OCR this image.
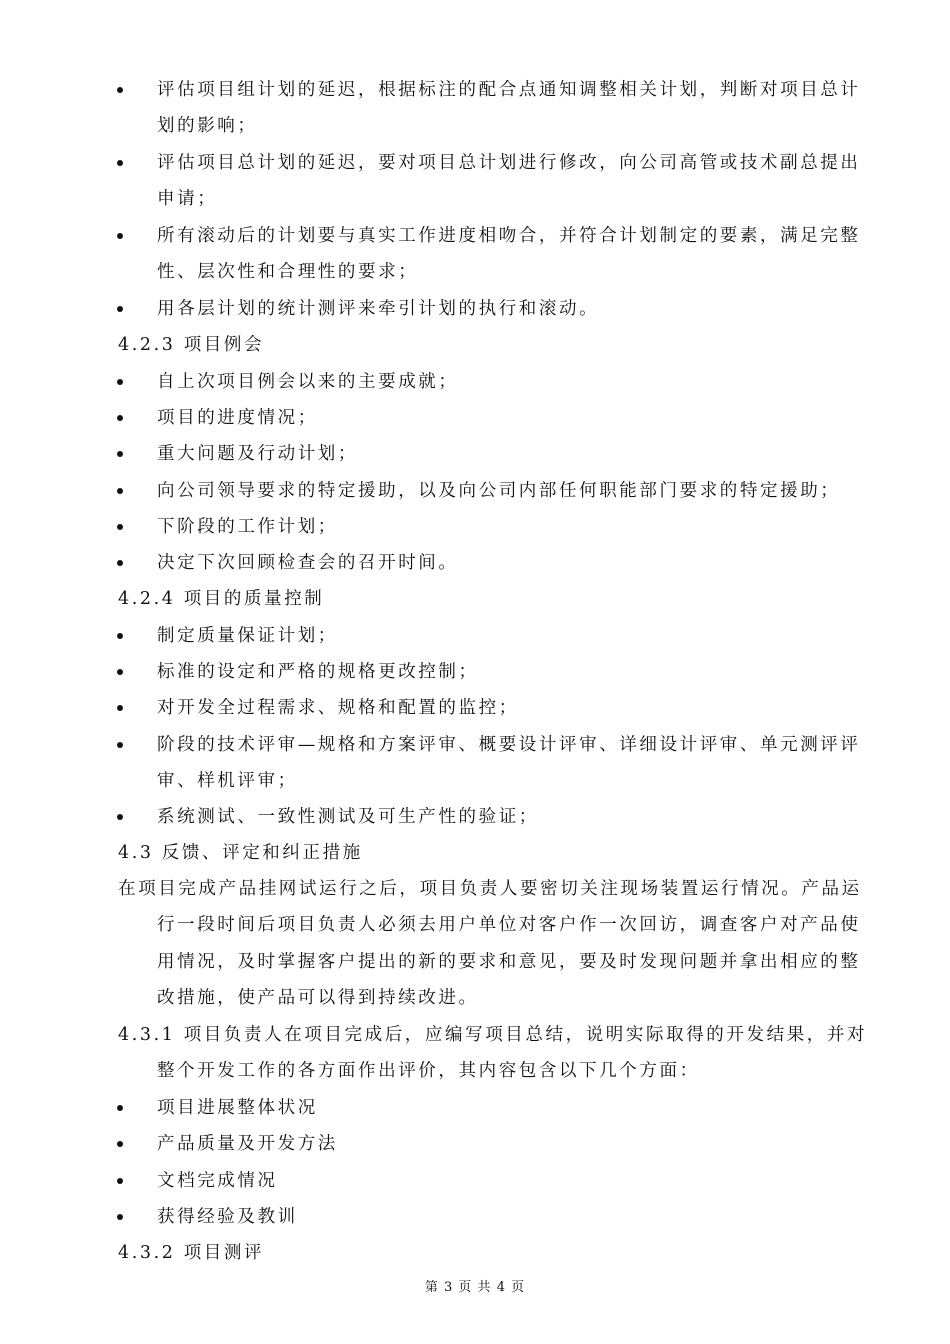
评估项目组计划的延迟，根据标注的配合点通知调整相关计划，判断对项目总计
划的影响；
评估项目总计划的延迟，要对项目总计划进行修改，向公司高管或技术副总提出
申请；
所有滚动后的计划要与真实工作进度相吻合，并符合计划制定的要素，满足完整
性、层次性和合理性的要求；
用各层计划的统计测评来牵引计划的执行和滚动。
4.2.3 项目例会
自上次项目例会以来的主要成就；
项目的进度情况；
重大问题及行动计划；
向公司领导要求的特定援助，以及向公司内部任何职能部门要求的特定援助；
下阶段的工作计划；
决定下次回顾检查会的召开时间。
4.2.4 项目的质量控制
制定质量保证计划；
标准的设定和严格的规格更改控制；
对开发全过程需求、规格和配置的监控；
阶段的技术评审—规格和方案评审、概要设计评审、详细设计评审、单元测评评
审、样机评审；
系统测试、一致性测试及可生产性的验证；
4.3 反馈、评定和纠正措施
在项目完成产品挂网试运行之后，项目负责人要密切关注现场装置运行情况。产品运
行一段时间后项目负责人必须去用户单位对客户作一次回访，调查客户对产品使
用情况，及时掌握客户提出的新的要求和意见，要及时发现问题并拿出相应的整
改措施，使产品可以得到持续改进。
4.3.1 项目负责人在项目完成后，应编写项目总结，说明实际取得的开发结果，并对
整个开发工作的各方面作出评价，其内容包含以下几个方面：
项目进展整体状况
产品质量及开发方法
文档完成情况
获得经验及教训
4.3.2 项目测评
第 3 页 共 4 页
